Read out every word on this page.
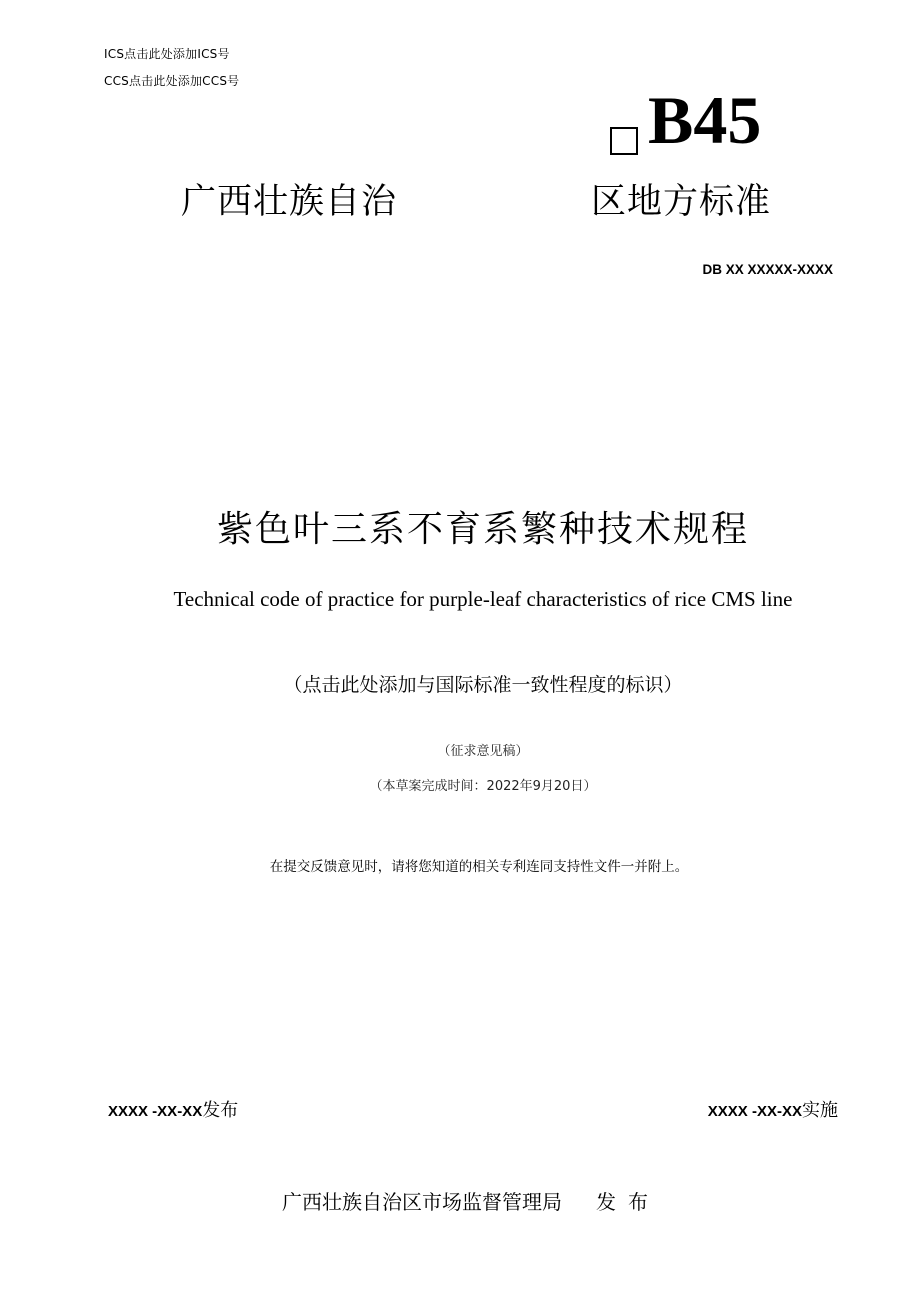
ICS点击此处添加ICS号
CCS点击此处添加CCS号
B45
广西壮族自治	区地方标准
DB XX XXXXX-XXXX
紫色叶三系不育系繁种技术规程
Technical code of practice for purple-leaf characteristics of rice CMS line
（点击此处添加与国际标准一致性程度的标识）
（征求意见稿）
（本草案完成时间：2022年9月20日）
在提交反馈意见时，请将您知道的相关专利连同支持性文件一并附上。
XXXX -XX-XX发布	XXXX -XX-XX实施
广西壮族自治区市场监督管理局 发布
